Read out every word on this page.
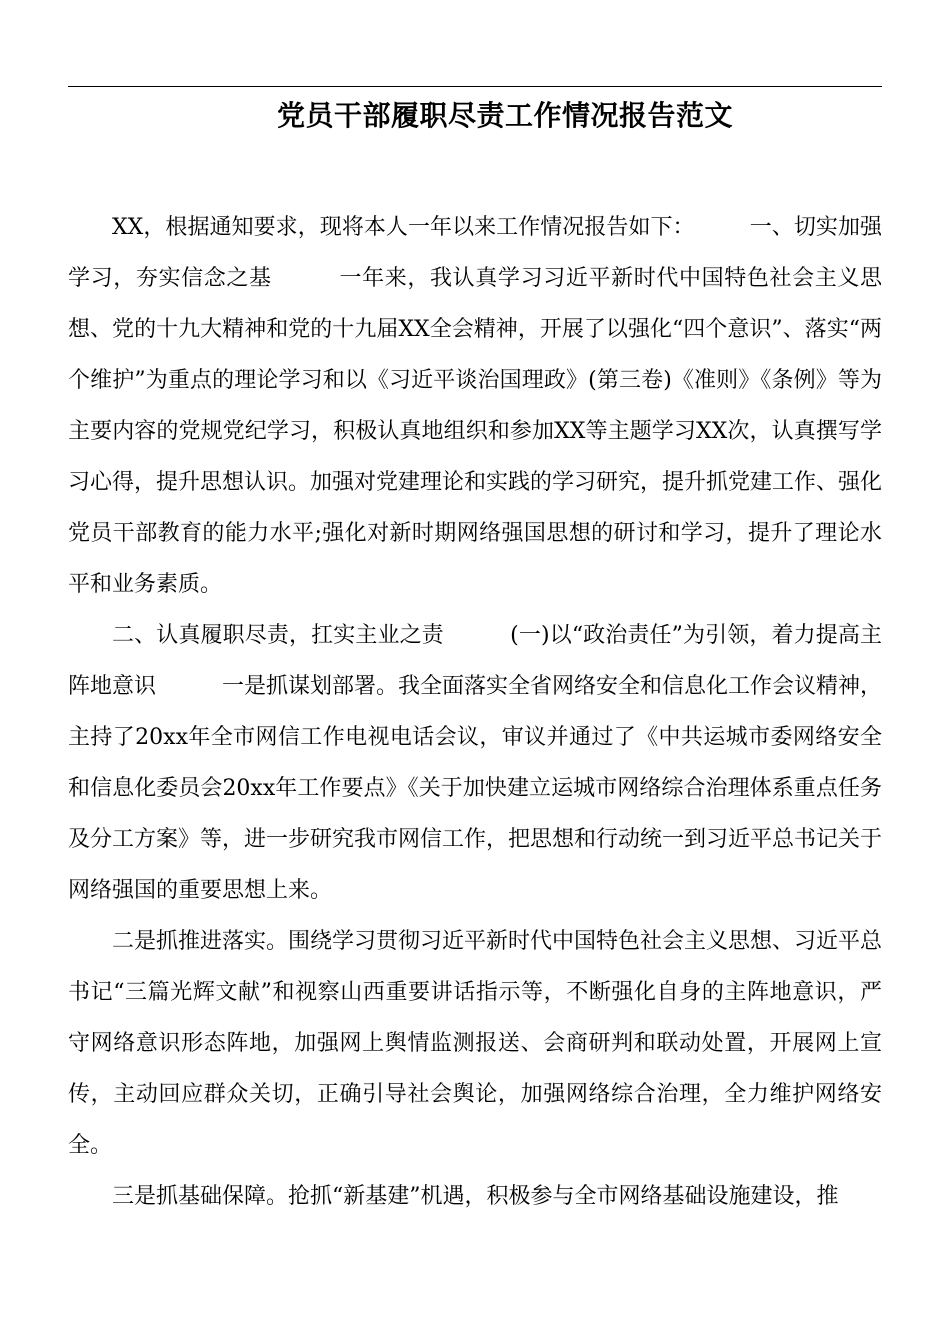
党员干部履职尽责工作情况报告范文

XX，根据通知要求，现将本人一年以来工作情况报告如下：　　　一、切实加强学习，夯实信念之基　　　一年来，我认真学习习近平新时代中国特色社会主义思想、党的十九大精神和党的十九届XX全会精神，开展了以强化“四个意识”、落实“两个维护”为重点的理论学习和以《习近平谈治国理政》(第三卷)《准则》《条例》等为主要内容的党规党纪学习，积极认真地组织和参加XX等主题学习XX次，认真撰写学习心得，提升思想认识。加强对党建理论和实践的学习研究，提升抓党建工作、强化党员干部教育的能力水平;强化对新时期网络强国思想的研讨和学习，提升了理论水平和业务素质。

二、认真履职尽责，扛实主业之责　　　(一)以“政治责任”为引领，着力提高主阵地意识　　　一是抓谋划部署。我全面落实全省网络安全和信息化工作会议精神，主持了20xx年全市网信工作电视电话会议，审议并通过了《中共运城市委网络安全和信息化委员会20xx年工作要点》《关于加快建立运城市网络综合治理体系重点任务及分工方案》等，进一步研究我市网信工作，把思想和行动统一到习近平总书记关于网络强国的重要思想上来。

二是抓推进落实。围绕学习贯彻习近平新时代中国特色社会主义思想、习近平总书记“三篇光辉文献”和视察山西重要讲话指示等，不断强化自身的主阵地意识，严守网络意识形态阵地，加强网上舆情监测报送、会商研判和联动处置，开展网上宣传，主动回应群众关切，正确引导社会舆论，加强网络综合治理，全力维护网络安全。

三是抓基础保障。抢抓“新基建”机遇，积极参与全市网络基础设施建设，推
